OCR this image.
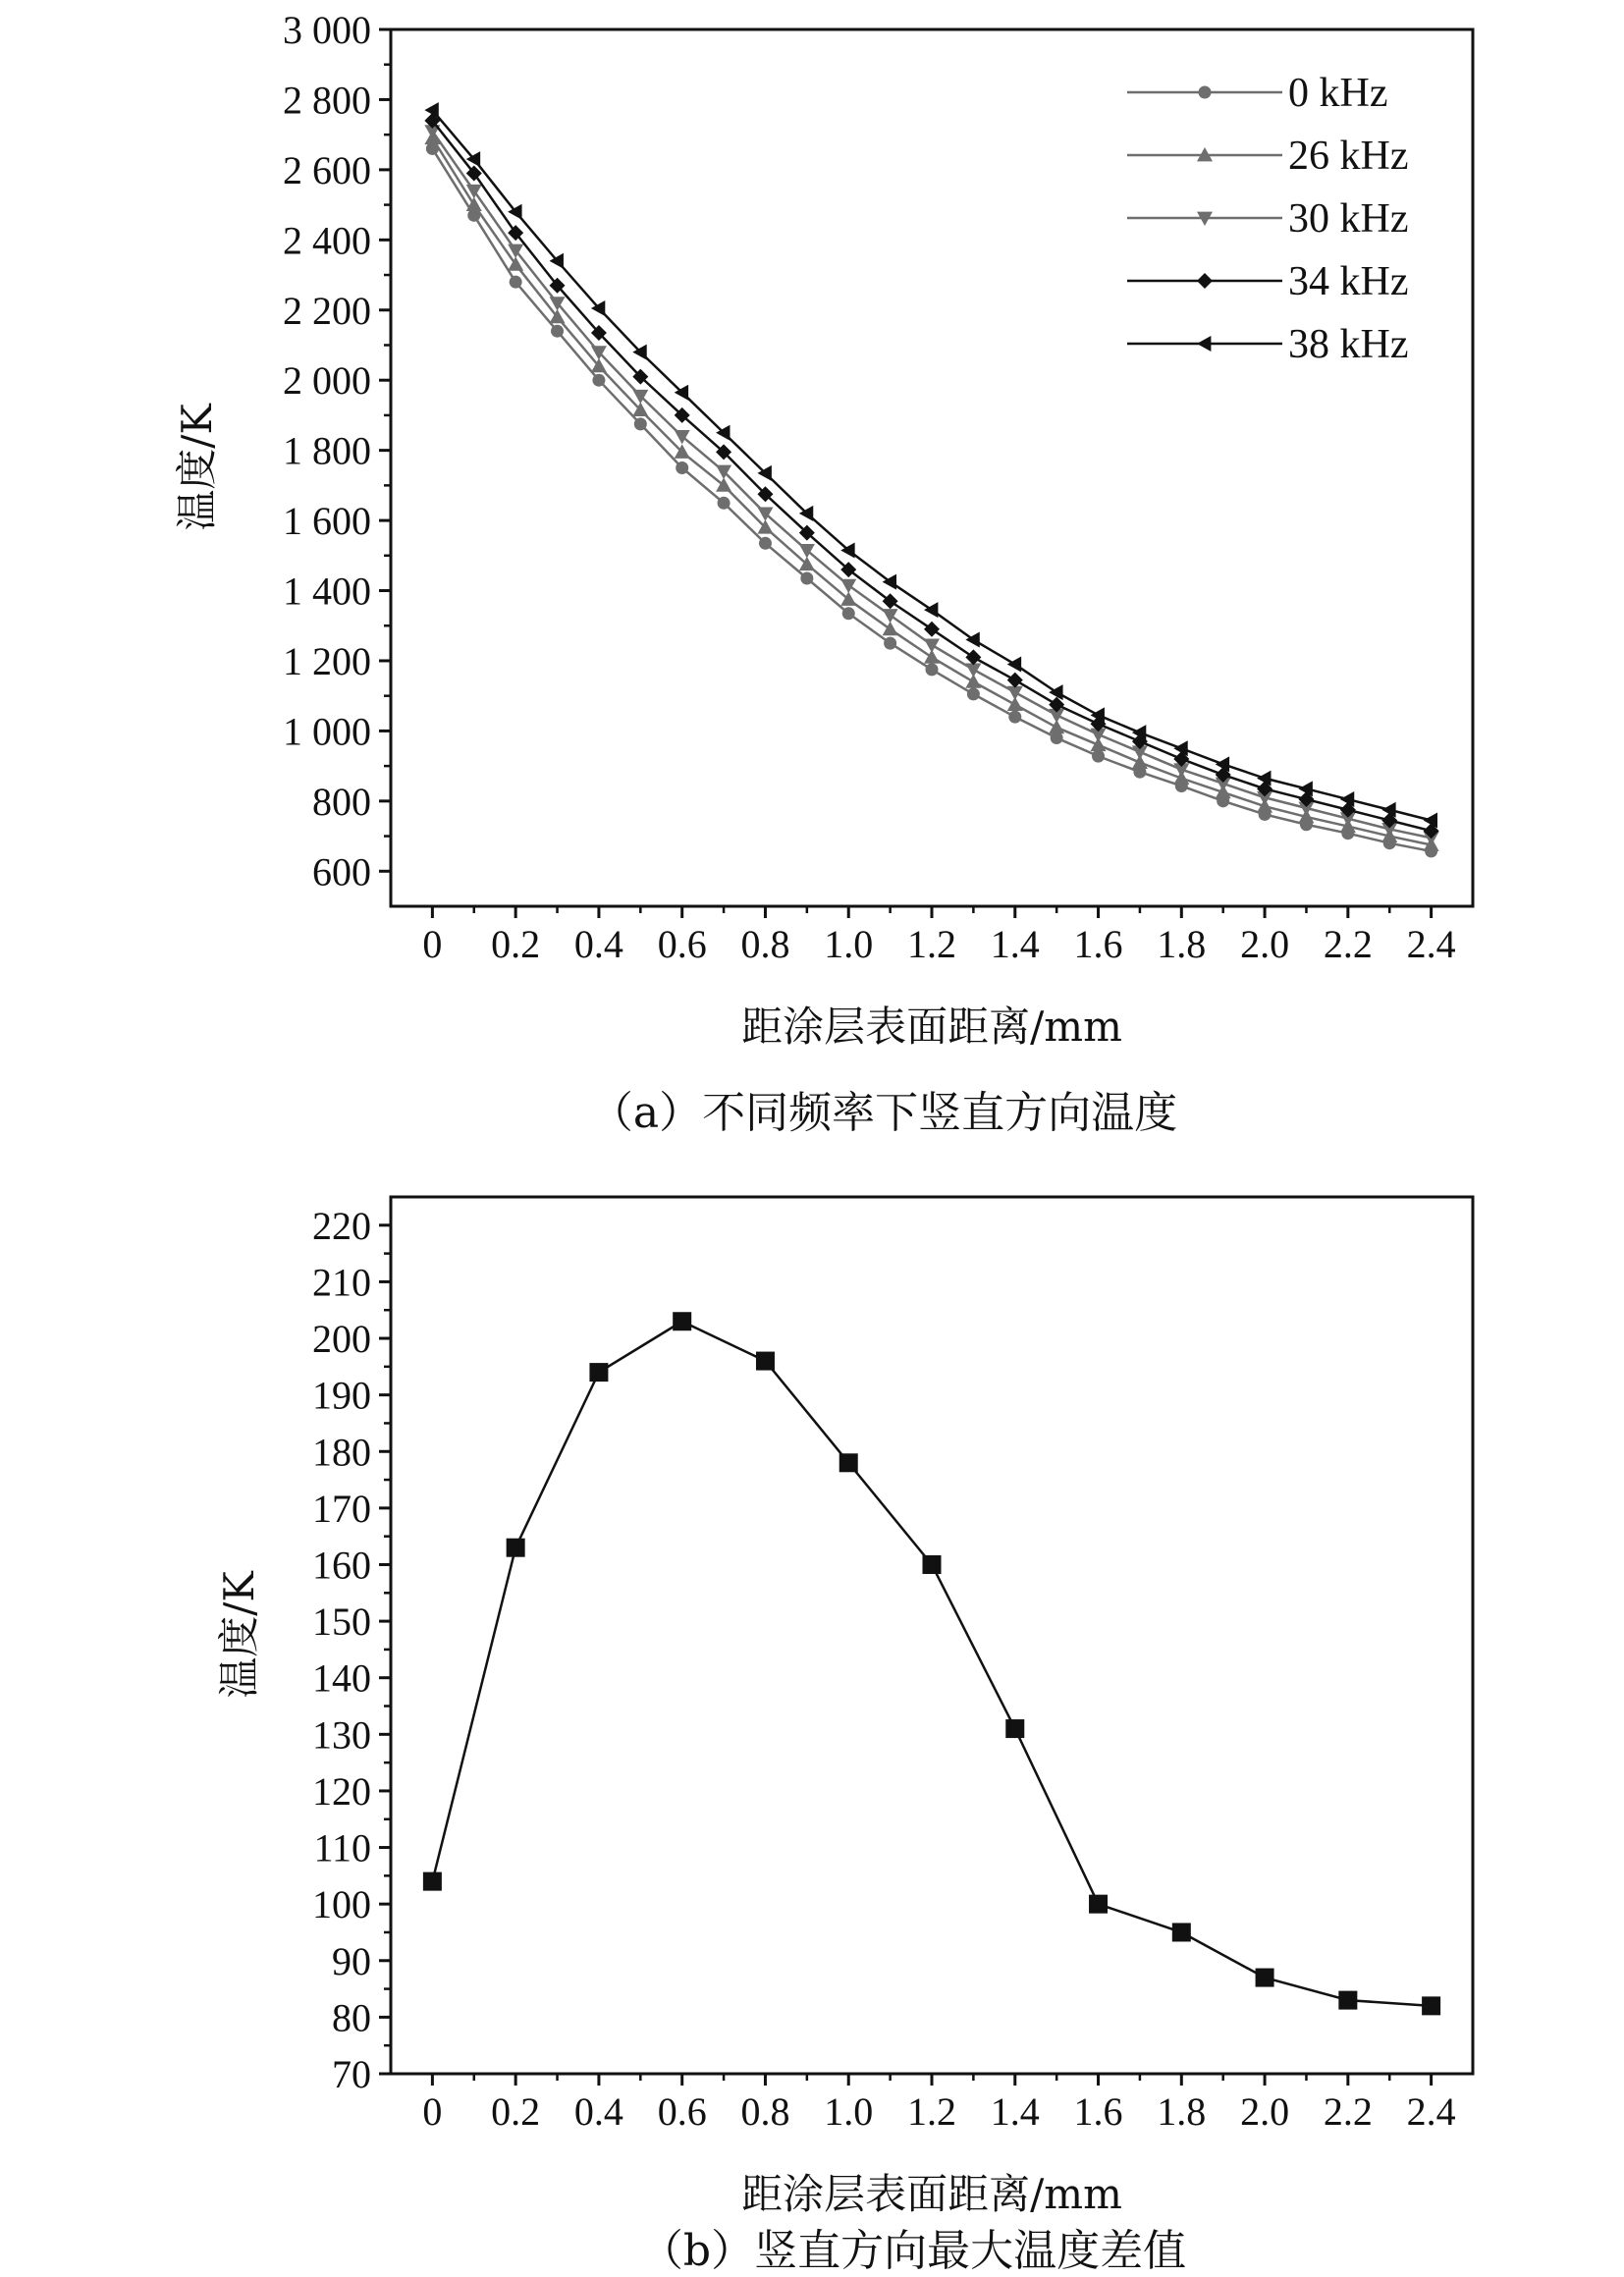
600
800
1 000
1 200
1 400
1 600
1 800
2 000
2 200
2 400
2 600
2 800
3 000
0 0.2 0.4 0.6 0.8 1.0 1.2 1.4 1.6 1.8 2.0 2.2 2.4
0 kHz
26 kHz
30 kHz
34 kHz
38 kHz
温度/K
距涂层表面距离/mm
（a）不同频率下竖直方向温度
70
80
90
100
110
120
130
140
150
160
170
180
190
200
210
220
0 0.2 0.4 0.6 0.8 1.0 1.2 1.4 1.6 1.8 2.0 2.2 2.4
温度/K
距涂层表面距离/mm
（b）竖直方向最大温度差值
